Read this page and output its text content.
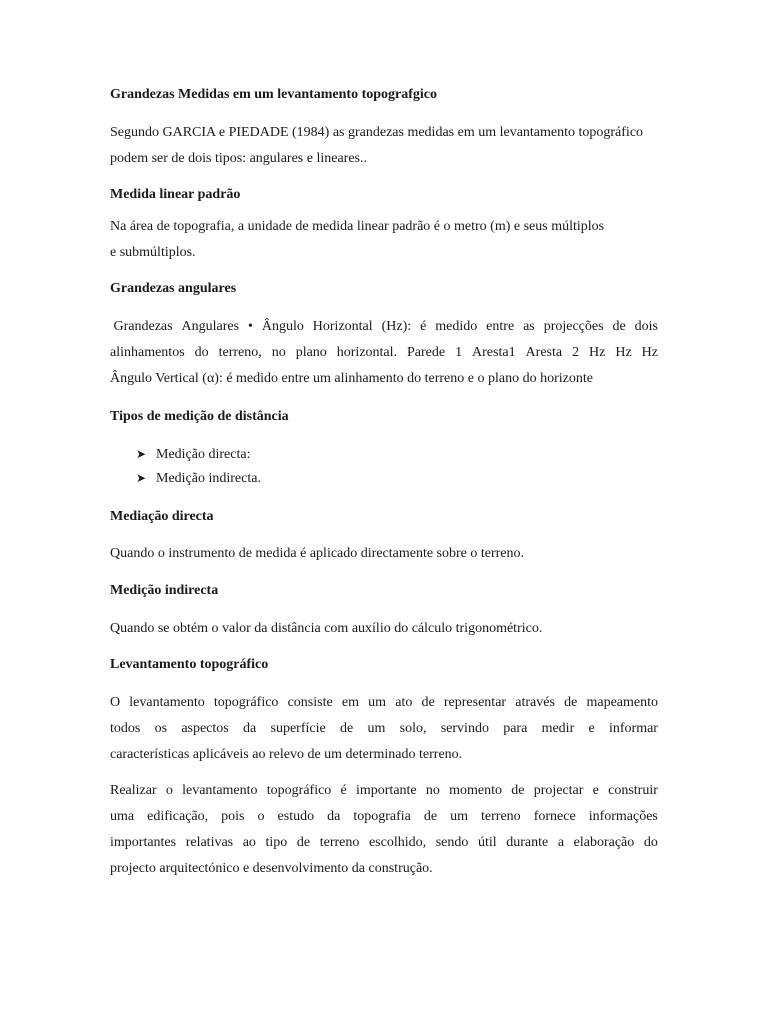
Grandezas Medidas em um levantamento topografgico
Segundo GARCIA e PIEDADE (1984) as grandezas medidas em um levantamento topográfico
podem ser de dois tipos: angulares e lineares..
Medida linear padrão
Na área de topografia, a unidade de medida linear padrão é o metro (m) e seus múltiplos
e submúltiplos.
Grandezas angulares
Grandezas Angulares • Ângulo Horizontal (Hz): é medido entre as projecções de dois
alinhamentos do terreno, no plano horizontal. Parede 1 Aresta1 Aresta 2 Hz Hz Hz
Ângulo Vertical (α): é medido entre um alinhamento do terreno e o plano do horizonte
Tipos de medição de distância
➤ Medição directa:
➤ Medição indirecta.
Mediação directa
Quando o instrumento de medida é aplicado directamente sobre o terreno.
Medição indirecta
Quando se obtém o valor da distância com auxílio do cálculo trigonométrico.
Levantamento topográfico
O levantamento topográfico consiste em um ato de representar através de mapeamento
todos os aspectos da superfície de um solo, servindo para medir e informar
características aplicáveis ao relevo de um determinado terreno.
Realizar o levantamento topográfico é importante no momento de projectar e construir
uma edificação, pois o estudo da topografia de um terreno fornece informações
importantes relativas ao tipo de terreno escolhido, sendo útil durante a elaboração do
projecto arquitectónico e desenvolvimento da construção.
